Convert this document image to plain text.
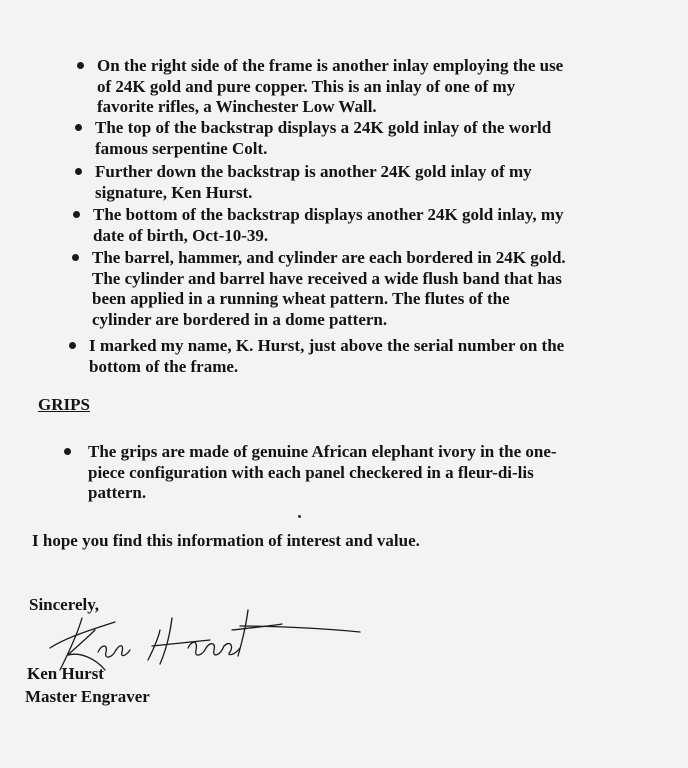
On the right side of the frame is another inlay employing the use
of 24K gold and pure copper. This is an inlay of one of my
favorite rifles, a Winchester Low Wall.
The top of the backstrap displays a 24K gold inlay of the world
famous serpentine Colt.
Further down the backstrap is another 24K gold inlay of my
signature, Ken Hurst.
The bottom of the backstrap displays another 24K gold inlay, my
date of birth, Oct-10-39.
The barrel, hammer, and cylinder are each bordered in 24K gold.
The cylinder and barrel have received a wide flush band that has
been applied in a running wheat pattern. The flutes of the
cylinder are bordered in a dome pattern.
I marked my name, K. Hurst, just above the serial number on the
bottom of the frame.
GRIPS
The grips are made of genuine African elephant ivory in the one-
piece configuration with each panel checkered in a fleur-di-lis
pattern.
I hope you find this information of interest and value.
Sincerely,
Ken Hurst
Master Engraver
